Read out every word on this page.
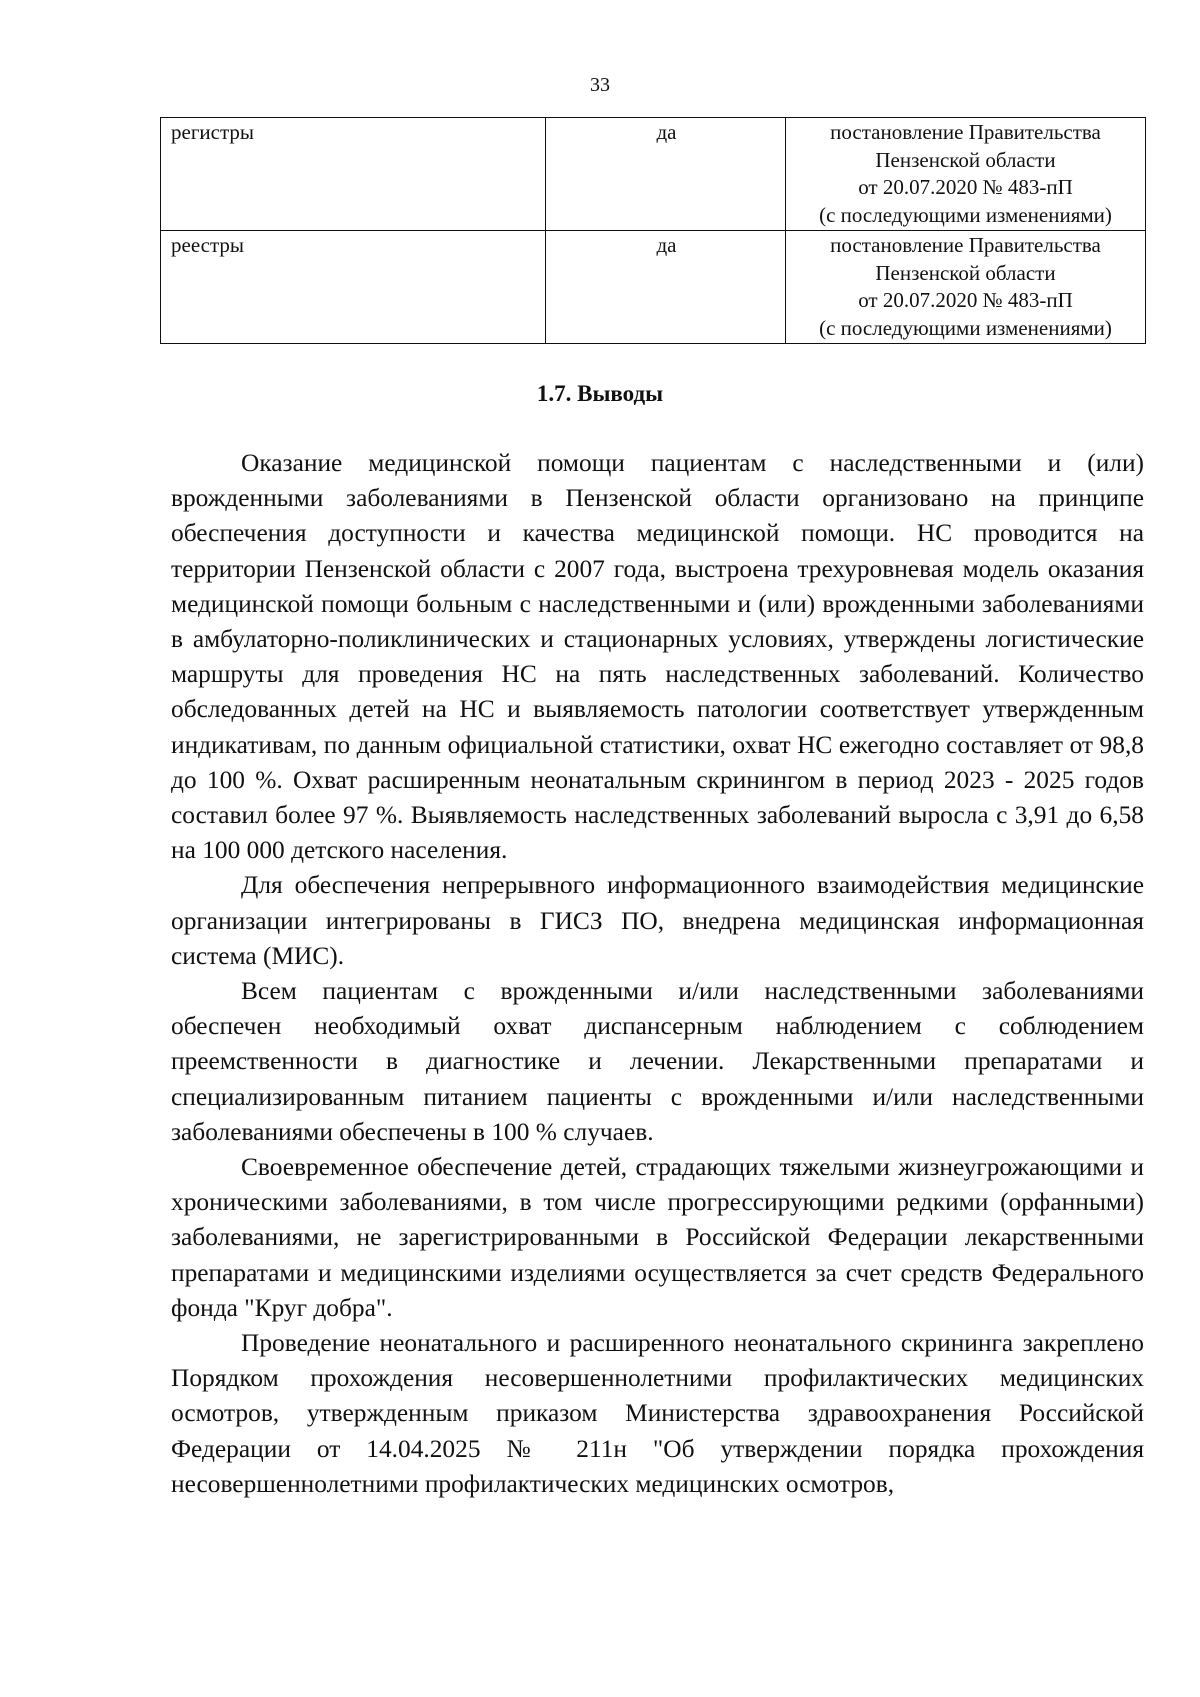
33

регистры	да	постановление Правительства
Пензенской области
от 20.07.2020 № 483-пП
(с последующими изменениями)

реестры	да	постановление Правительства
Пензенской области
от 20.07.2020 № 483-пП
(с последующими изменениями)
1.7. Выводы

Оказание медицинской помощи пациентам с наследственными и (или) врожденными заболеваниями в Пензенской области организовано на принципе обеспечения доступности и качества медицинской помощи. НС проводится на территории Пензенской области с 2007 года, выстроена трехуровневая модель оказания медицинской помощи больным с наследственными и (или) врожденными заболеваниями в амбулаторно-поликлинических и стационарных условиях, утверждены логистические маршруты для проведения НС на пять наследственных заболеваний. Количество обследованных детей на НС и выявляемость патологии соответствует утвержденным индикативам, по данным официальной статистики, охват НС ежегодно составляет от 98,8 до 100 %. Охват расширенным неонатальным скринингом в период 2023 - 2025 годов составил более 97 %. Выявляемость наследственных заболеваний выросла с 3,91 до 6,58 на 100 000 детского населения.

Для обеспечения непрерывного информационного взаимодействия медицинские организации интегрированы в ГИСЗ ПО, внедрена медицинская информационная система (МИС).

Всем пациентам с врожденными и/или наследственными заболеваниями обеспечен необходимый охват диспансерным наблюдением с соблюдением преемственности в диагностике и лечении. Лекарственными препаратами и специализированным питанием пациенты с врожденными и/или наследственными заболеваниями обеспечены в 100 % случаев.

Своевременное обеспечение детей, страдающих тяжелыми жизнеугрожающими и хроническими заболеваниями, в том числе прогрессирующими редкими (орфанными) заболеваниями, не зарегистрированными в Российской Федерации лекарственными препаратами и медицинскими изделиями осуществляется за счет средств Федерального фонда "Круг добра".

Проведение неонатального и расширенного неонатального скрининга закреплено Порядком прохождения несовершеннолетними профилактических медицинских осмотров, утвержденным приказом Министерства здравоохранения Российской Федерации от 14.04.2025 № 211н "Об утверждении порядка прохождения несовершеннолетними профилактических медицинских осмотров,
